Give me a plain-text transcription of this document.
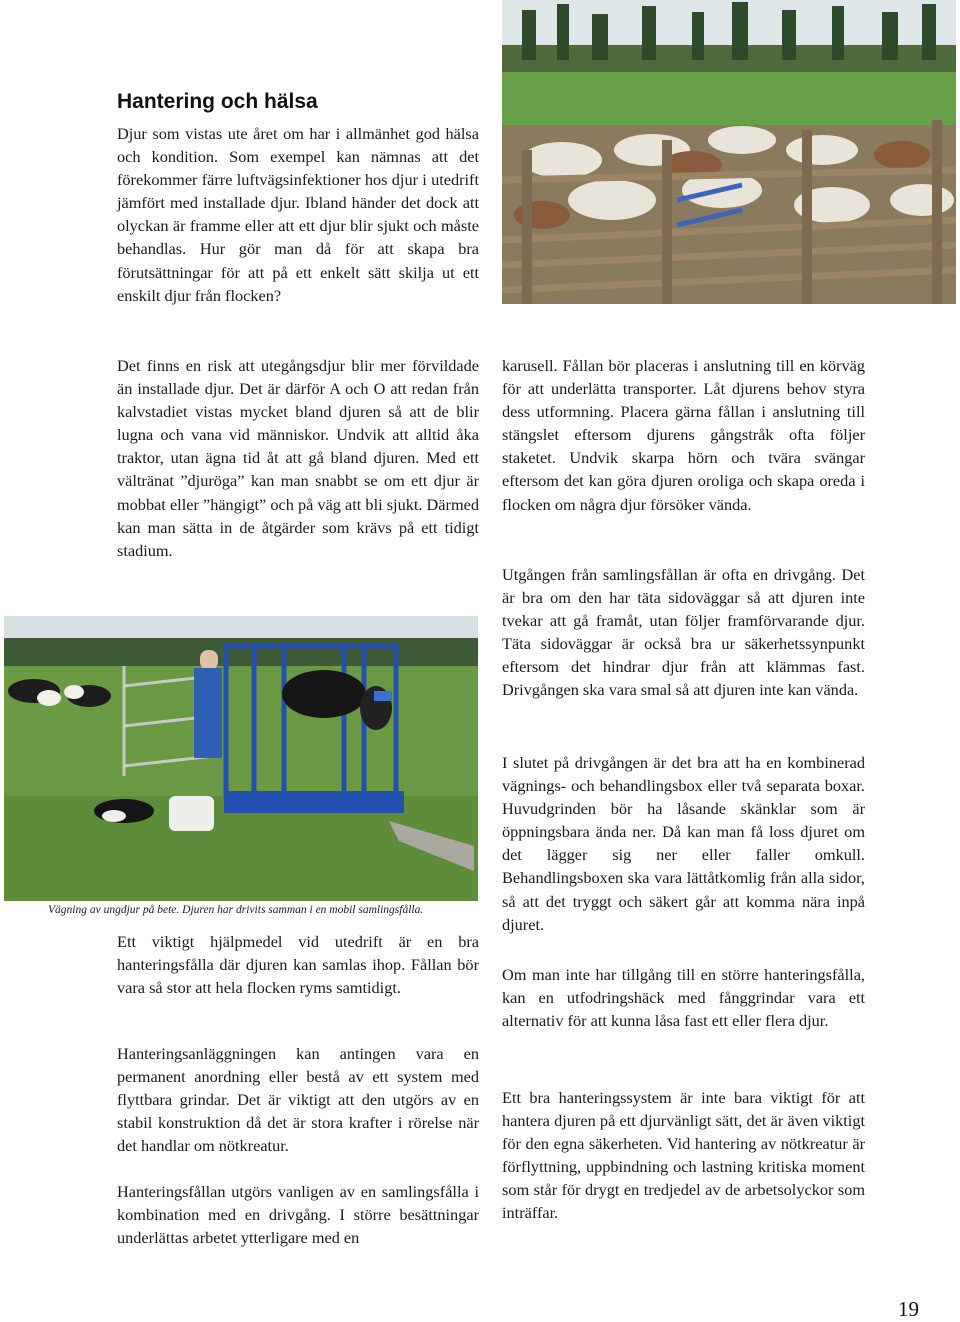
Hantering och hälsa

Djur som vistas ute året om har i allmänhet god hälsa och kondition. Som exempel kan nämnas att det förekommer färre luftvägsinfektioner hos djur i utedrift jämfört med installade djur. Ibland händer det dock att olyckan är framme eller att ett djur blir sjukt och måste behandlas. Hur gör man då för att skapa bra förutsättningar för att på ett enkelt sätt skilja ut ett enskilt djur från flocken?

Det finns en risk att utegångsdjur blir mer förvildade än installade djur. Det är därför A och O att redan från kalvstadiet vistas mycket bland djuren så att de blir lugna och vana vid människor. Undvik att alltid åka traktor, utan ägna tid åt att gå bland djuren. Med ett vältränat ”djuröga” kan man snabbt se om ett djur är mobbat eller ”hängigt” och på väg att bli sjukt. Därmed kan man sätta in de åtgärder som krävs på ett tidigt stadium.

Vägning av ungdjur på bete. Djuren har drivits samman i en mobil samlingsfålla.

Ett viktigt hjälpmedel vid utedrift är en bra hanteringsfålla där djuren kan samlas ihop. Fållan bör vara så stor att hela flocken ryms samtidigt.

Hanteringsanläggningen kan antingen vara en permanent anordning eller bestå av ett system med flyttbara grindar. Det är viktigt att den utgörs av en stabil konstruktion då det är stora krafter i rörelse när det handlar om nötkreatur.

Hanteringsfållan utgörs vanligen av en samlingsfålla i kombination med en drivgång. I större besättningar underlättas arbetet ytterligare med en

karusell. Fållan bör placeras i anslutning till en körväg för att underlätta transporter. Låt djurens behov styra dess utformning. Placera gärna fållan i anslutning till stängslet eftersom djurens gångstråk ofta följer staketet. Undvik skarpa hörn och tvära svängar eftersom det kan göra djuren oroliga och skapa oreda i flocken om några djur försöker vända.

Utgången från samlingsfållan är ofta en drivgång. Det är bra om den har täta sidoväggar så att djuren inte tvekar att gå framåt, utan följer framförvarande djur. Täta sidoväggar är också bra ur säkerhetssynpunkt eftersom det hindrar djur från att klämmas fast. Drivgången ska vara smal så att djuren inte kan vända.

I slutet på drivgången är det bra att ha en kombinerad vägnings- och behandlingsbox eller två separata boxar. Huvudgrinden bör ha låsande skänklar som är öppningsbara ända ner. Då kan man få loss djuret om det lägger sig ner eller faller omkull. Behandlingsboxen ska vara lättåtkomlig från alla sidor, så att det tryggt och säkert går att komma nära inpå djuret.

Om man inte har tillgång till en större hanteringsfålla, kan en utfodringshäck med fånggrindar vara ett alternativ för att kunna låsa fast ett eller flera djur.

Ett bra hanteringssystem är inte bara viktigt för att hantera djuren på ett djurvänligt sätt, det är även viktigt för den egna säkerheten. Vid hantering av nötkreatur är förflyttning, uppbindning och lastning kritiska moment som står för drygt en tredjedel av de arbetsolyckor som inträffar.

19
